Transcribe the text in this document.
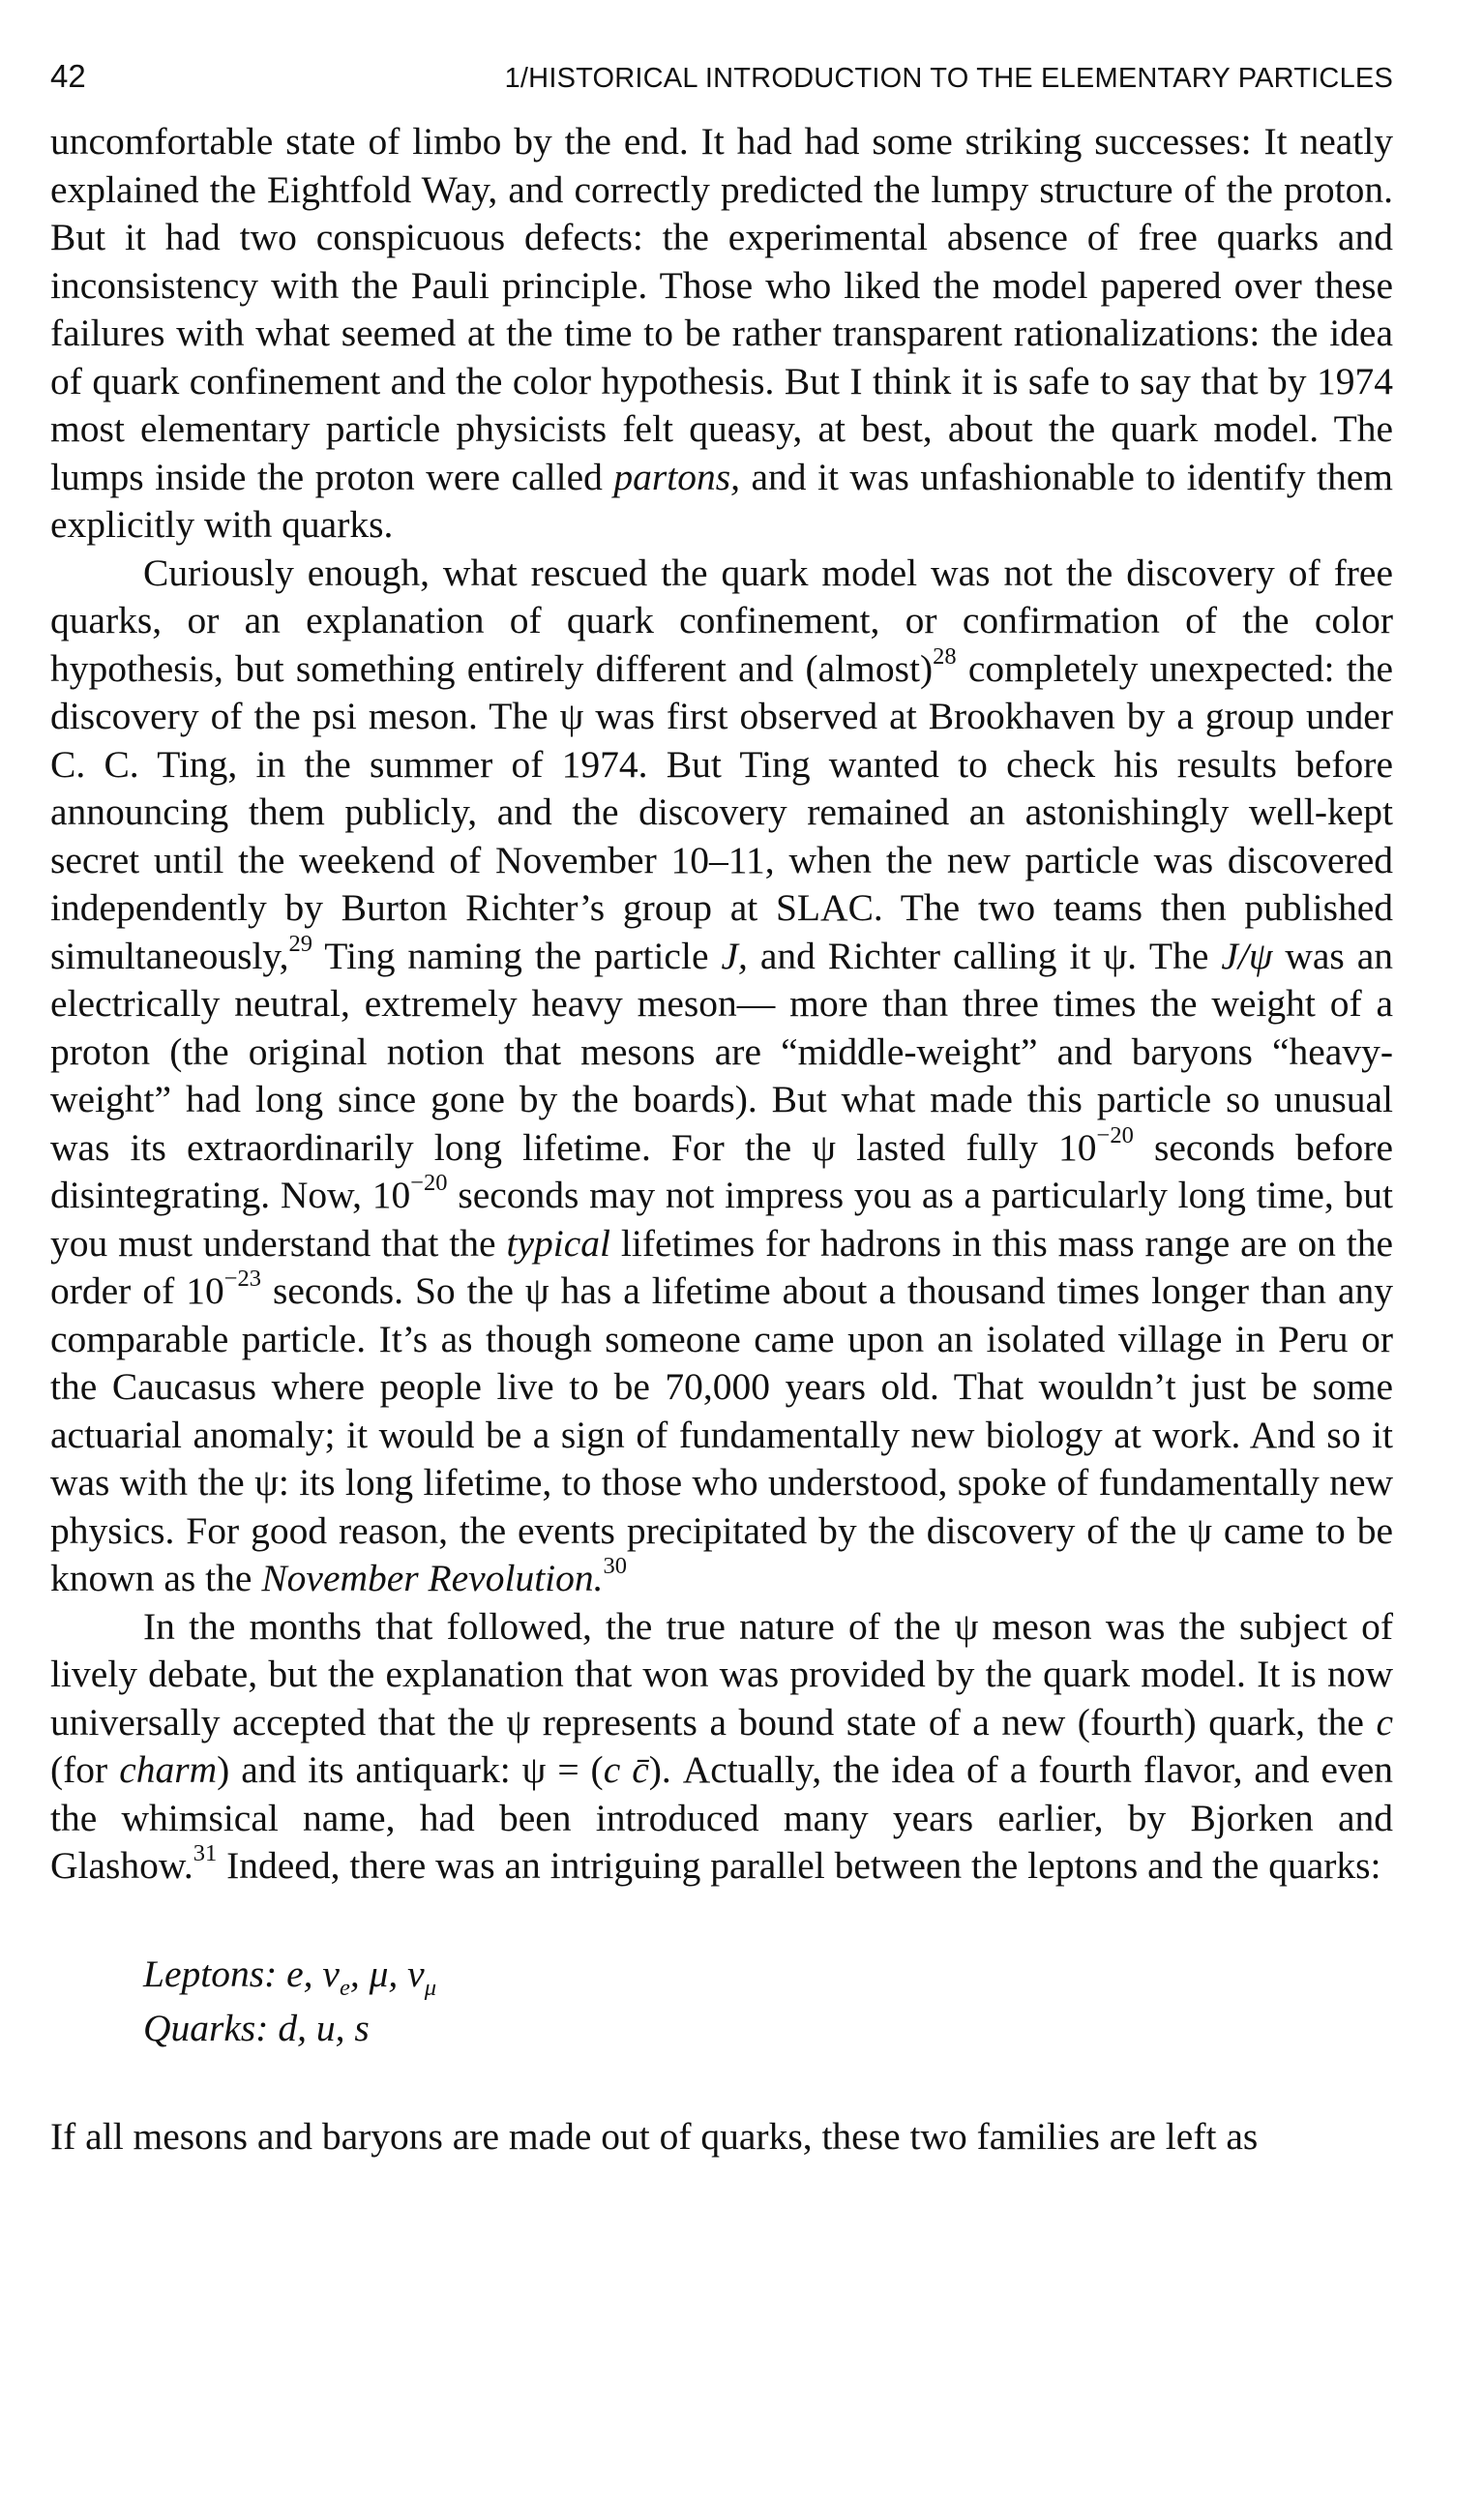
42	1/HISTORICAL INTRODUCTION TO THE ELEMENTARY PARTICLES

uncomfortable state of limbo by the end. It had had some striking successes: It neatly explained the Eightfold Way, and correctly predicted the lumpy structure of the proton. But it had two conspicuous defects: the experimental absence of free quarks and inconsistency with the Pauli principle. Those who liked the model papered over these failures with what seemed at the time to be rather transparent rationalizations: the idea of quark confinement and the color hypothesis. But I think it is safe to say that by 1974 most elementary particle physicists felt queasy, at best, about the quark model. The lumps inside the proton were called partons, and it was unfashionable to identify them explicitly with quarks.

Curiously enough, what rescued the quark model was not the discovery of free quarks, or an explanation of quark confinement, or confirmation of the color hypothesis, but something entirely different and (almost)$^{28}$ completely unexpected: the discovery of the psi meson. The ψ was first observed at Brookhaven by a group under C. C. Ting, in the summer of 1974. But Ting wanted to check his results before announcing them publicly, and the discovery remained an astonishingly well-kept secret until the weekend of November 10–11, when the new particle was discovered independently by Burton Richter’s group at SLAC. The two teams then published simultaneously,$^{29}$ Ting naming the particle J, and Richter calling it ψ. The J/ψ was an electrically neutral, extremely heavy meson— more than three times the weight of a proton (the original notion that mesons are “middle-weight” and baryons “heavy-weight” had long since gone by the boards). But what made this particle so unusual was its extraordinarily long lifetime. For the ψ lasted fully $10^{-20}$ seconds before disintegrating. Now, $10^{-20}$ seconds may not impress you as a particularly long time, but you must understand that the typical lifetimes for hadrons in this mass range are on the order of $10^{-23}$ seconds. So the ψ has a lifetime about a thousand times longer than any comparable particle. It’s as though someone came upon an isolated village in Peru or the Caucasus where people live to be 70,000 years old. That wouldn’t just be some actuarial anomaly; it would be a sign of fundamentally new biology at work. And so it was with the ψ: its long lifetime, to those who understood, spoke of fundamentally new physics. For good reason, the events precipitated by the discovery of the ψ came to be known as the November Revolution.$^{30}$

In the months that followed, the true nature of the ψ meson was the subject of lively debate, but the explanation that won was provided by the quark model. It is now universally accepted that the ψ represents a bound state of a new (fourth) quark, the c (for charm) and its antiquark: ψ = (c c̄). Actually, the idea of a fourth flavor, and even the whimsical name, had been introduced many years earlier, by Bjorken and Glashow.$^{31}$ Indeed, there was an intriguing parallel between the leptons and the quarks:

Leptons: e, $\nu_e$, μ, $\nu_\mu$
Quarks: d, u, s

If all mesons and baryons are made out of quarks, these two families are left as
